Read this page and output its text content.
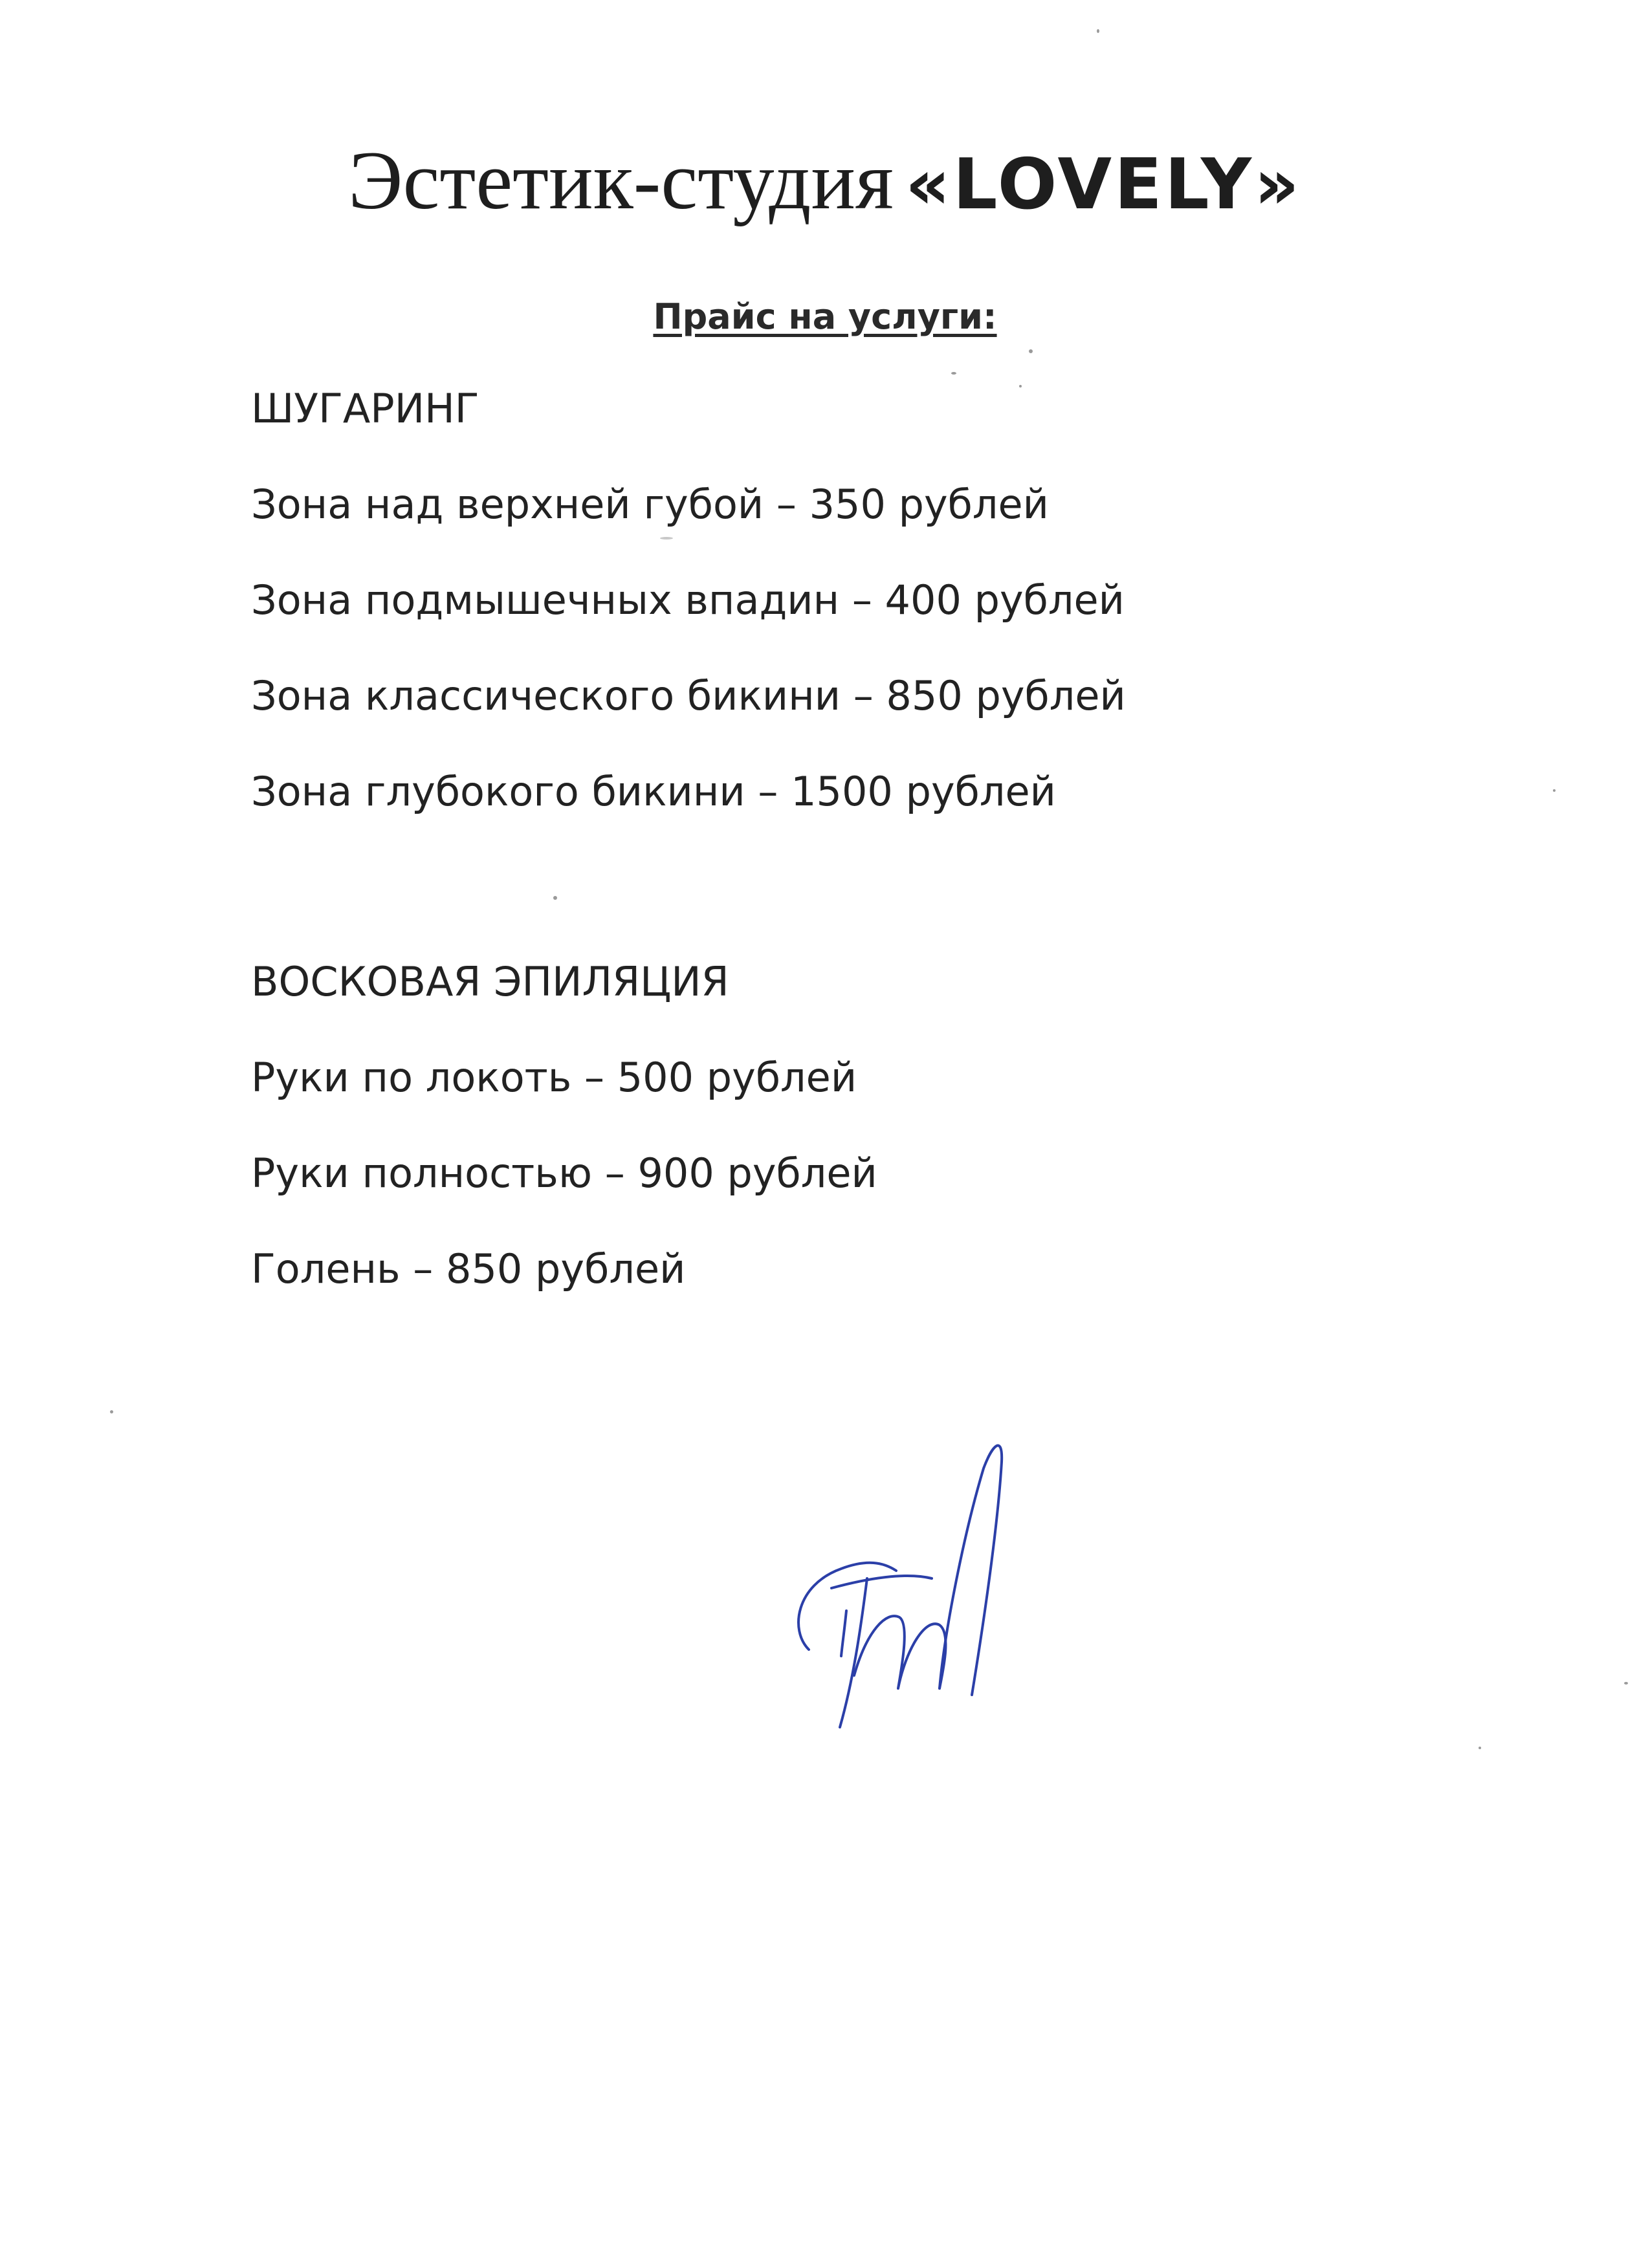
Эстетик-студия «LOVELY»
Прайс на услуги:
ШУГАРИНГ
Зона над верхней губой – 350 рублей
Зона подмышечных впадин – 400 рублей
Зона классического бикини – 850 рублей
Зона глубокого бикини – 1500 рублей
ВОСКОВАЯ ЭПИЛЯЦИЯ
Руки по локоть – 500 рублей
Руки полностью – 900 рублей
Голень – 850 рублей
